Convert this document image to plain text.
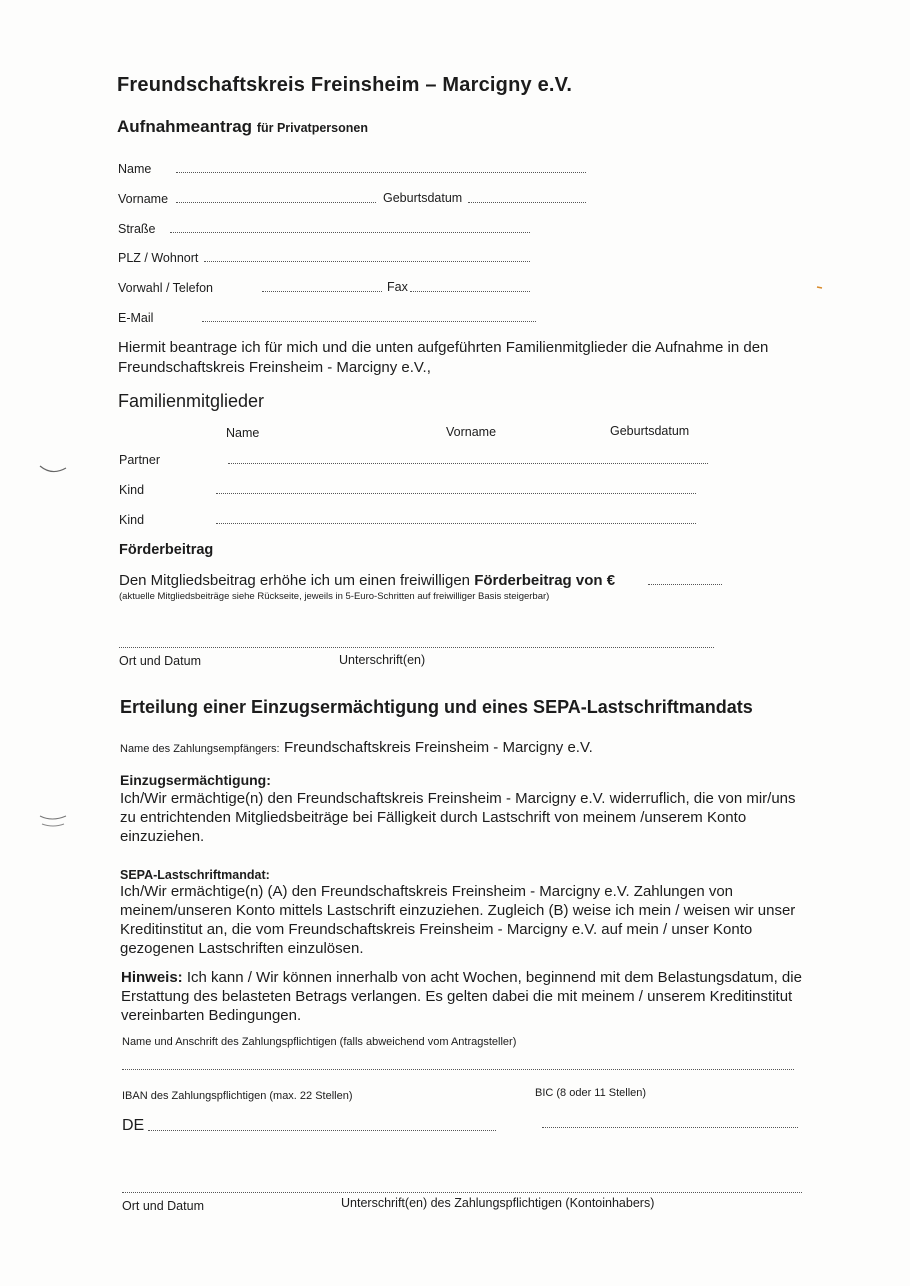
Freundschaftskreis Freinsheim – Marcigny e.V.
Aufnahmeantrag für Privatpersonen
Name
Vorname	Geburtsdatum
Straße
PLZ / Wohnort
Vorwahl / Telefon	Fax
E-Mail
Hiermit beantrage ich für mich und die unten aufgeführten Familienmitglieder die Aufnahme in den
Freundschaftskreis Freinsheim - Marcigny e.V.,
Familienmitglieder
Name	Vorname	Geburtsdatum
Partner
Kind
Kind
Förderbeitrag
Den Mitgliedsbeitrag erhöhe ich um einen freiwilligen Förderbeitrag von €
(aktuelle Mitgliedsbeiträge siehe Rückseite, jeweils in 5-Euro-Schritten auf freiwilliger Basis steigerbar)
Ort und Datum	Unterschrift(en)
Erteilung einer Einzugsermächtigung und eines SEPA-Lastschriftmandats
Name des Zahlungsempfängers: Freundschaftskreis Freinsheim - Marcigny e.V.
Einzugsermächtigung:
Ich/Wir ermächtige(n) den Freundschaftskreis Freinsheim - Marcigny e.V. widerruflich, die von mir/uns
zu entrichtenden Mitgliedsbeiträge bei Fälligkeit durch Lastschrift von meinem /unserem Konto
einzuziehen.
SEPA-Lastschriftmandat:
Ich/Wir ermächtige(n) (A) den Freundschaftskreis Freinsheim - Marcigny e.V. Zahlungen von
meinem/unseren Konto mittels Lastschrift einzuziehen. Zugleich (B) weise ich mein / weisen wir unser
Kreditinstitut an, die vom Freundschaftskreis Freinsheim - Marcigny e.V. auf mein / unser Konto
gezogenen Lastschriften einzulösen.
Hinweis: Ich kann / Wir können innerhalb von acht Wochen, beginnend mit dem Belastungsdatum, die
Erstattung des belasteten Betrags verlangen. Es gelten dabei die mit meinem / unserem Kreditinstitut
vereinbarten Bedingungen.
Name und Anschrift des Zahlungspflichtigen (falls abweichend vom Antragsteller)
IBAN des Zahlungspflichtigen (max. 22 Stellen)	BIC (8 oder 11 Stellen)
DE
Ort und Datum	Unterschrift(en) des Zahlungspflichtigen (Kontoinhabers)
